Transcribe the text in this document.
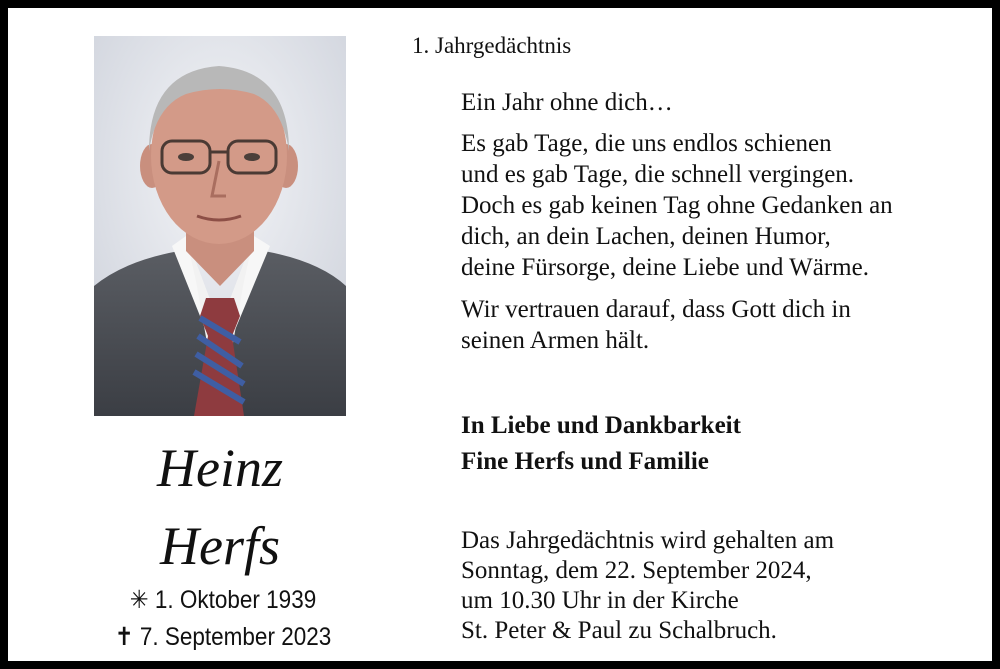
Heinz
Herfs
✳ 1. Oktober 1939
✝ 7. September 2023
1. Jahrgedächtnis

Ein Jahr ohne dich…

Es gab Tage, die uns endlos schienen

und es gab Tage, die schnell vergingen.

Doch es gab keinen Tag ohne Gedanken an

dich, an dein Lachen, deinen Humor,

deine Fürsorge, deine Liebe und Wärme.

Wir vertrauen darauf, dass Gott dich in

seinen Armen hält.

In Liebe und Dankbarkeit

Fine Herfs und Familie

Das Jahrgedächtnis wird gehalten am

Sonntag, dem 22. September 2024,

um 10.30 Uhr in der Kirche

St. Peter & Paul zu Schalbruch.
